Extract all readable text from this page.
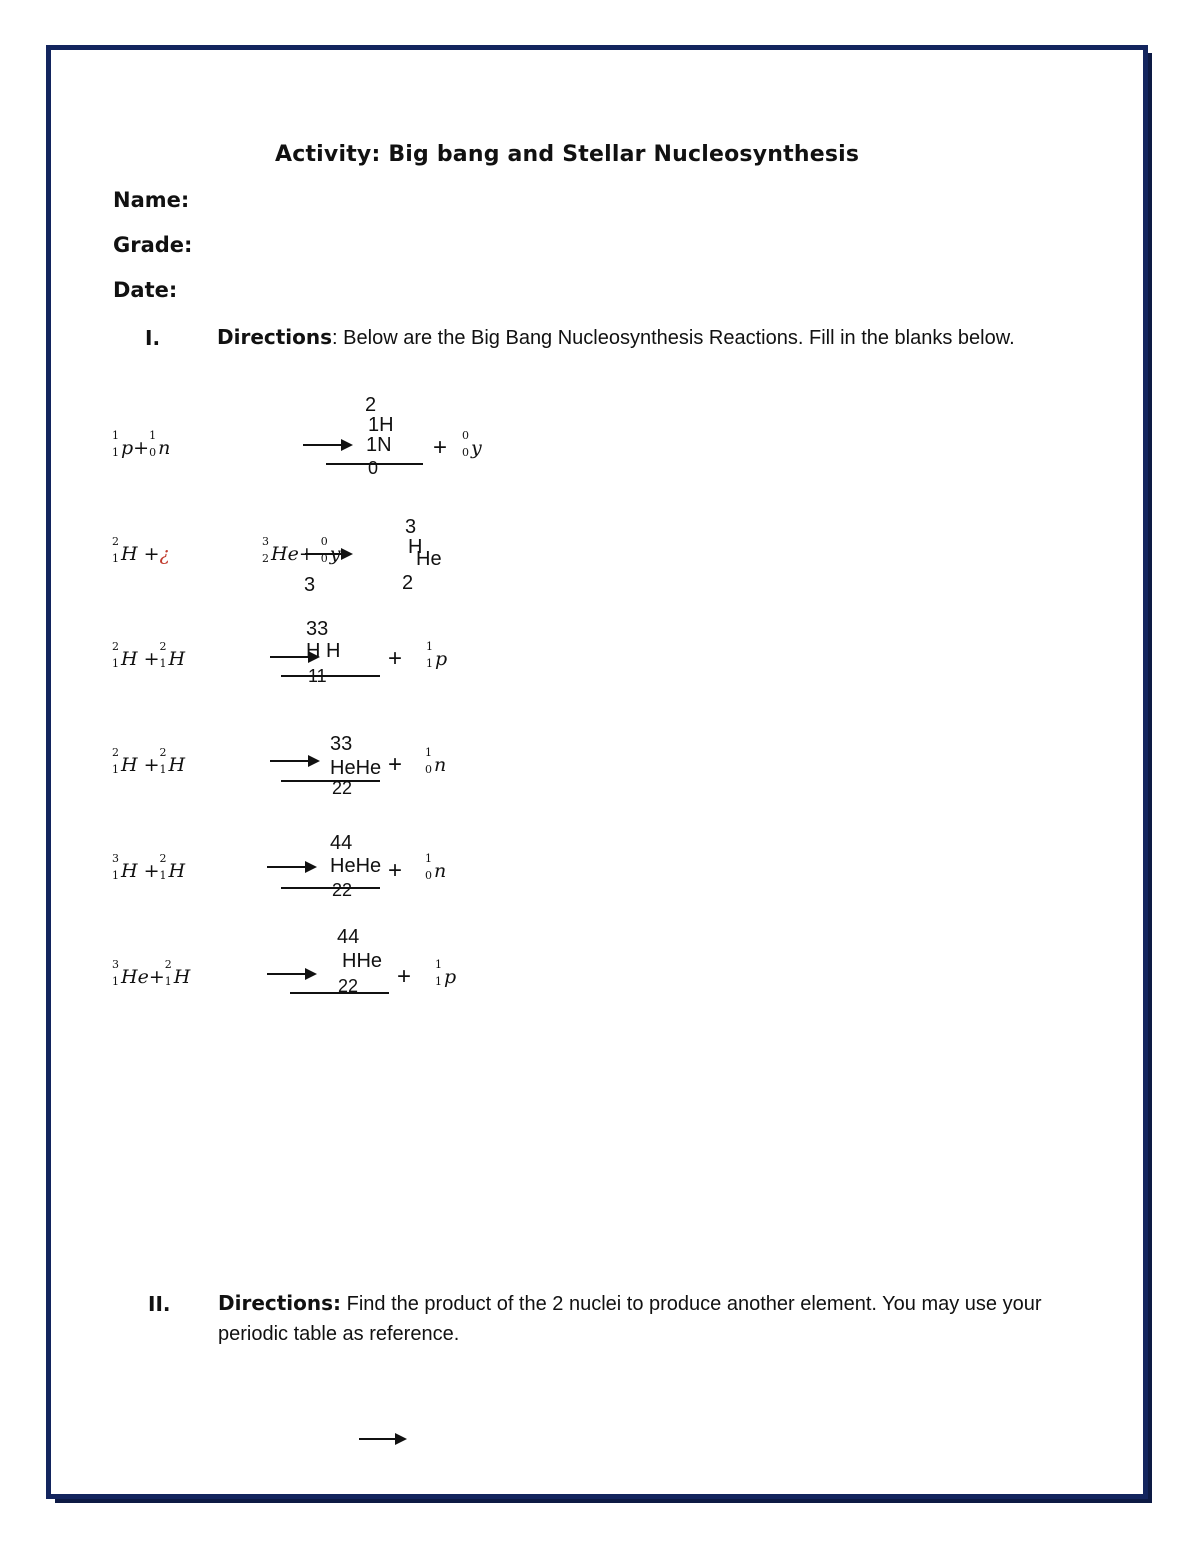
Activity: Big bang and Stellar Nucleosynthesis
Name:
Grade:
Date:
I.	Directions: Below are the Big Bang Nucleosynthesis Reactions. Fill in the blanks below.
1
1 p+
1
0 n
2
1H
1N
0
+ 0
0 y
2
1 H +¿
3
2 He+
0
0 y
3
3
H
He
2
2
1 H +
2
1 H
33
H H
11
+ 1
1 p
2
1 H +
2
1 H
33
HeHe
22
+ 1
0 n
3
1 H +
2
1 H
44
HeHe
22
+ 1
0 n
3
1 He+
2
1 H
44
HHe
22 + 1
1 p
II. Directions: Find the product of the 2 nuclei to produce another element. You may use your periodic table as reference.
